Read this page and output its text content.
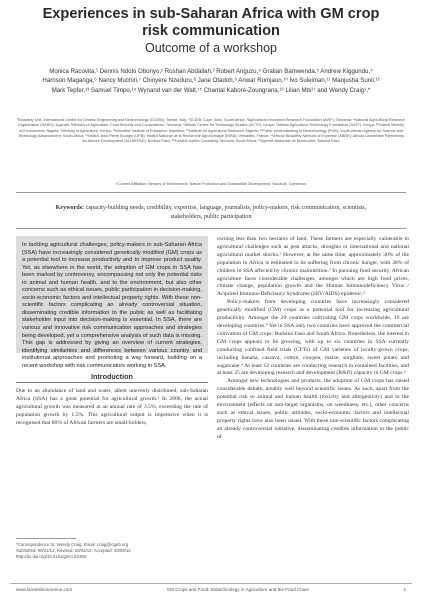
Experiences in sub-Saharan Africa with GM crop
risk communication
Outcome of a workshop
Monica Racovita,¹ Dennis Ndolo Obonyo,² Roshan Abdallah,³ Robert Anguzu,⁴ Gratian Bamwenda,⁵ Andrew Kiggundu,⁴
Harrison Maganga,⁶ Nancy Muchiri,⁷ Chinyere Nzeduru,⁸ Jane Otadoh,⁹ Anwar Rumjaun,¹⁰ Ivo Suleiman,¹¹ Manjusha Sunil,¹²
Mark Tepfer,¹³ Samuel Timpo,¹⁴ Wynand van der Walt,¹⁵ Chantal Kaboré-Zoungrana,¹⁶ Lilian Mbi¹⁷ and Wendy Craig¹,*
¹Biosafety Unit; International Centre for Genetic Engineering and Biotechnology (ICGEB); Trieste, Italy; ²ICGEB; Cape Town, South Africa; ³Agricultural Innovation Research Foundation (AIRF); Tanzania; ⁴National Agricultural Research Organisation (NARO); Uganda; ⁵Ministry of Agriculture, Food Security and Cooperatives; Tanzania; ⁶African Centre for Technology Studies (ACTS); Kenya; ⁷African Agricultural Technology Foundation (AATF); Kenya; ⁸Federal Ministry of Environment; Nigeria; ⁹Ministry of Agriculture; Kenya; ¹⁰Mauritius Institute of Education; Mauritius; ¹¹Institute for Agricultural Research; Nigeria; ¹²Public Understanding of Biotechnology (PUB); South African Agency for Science and Technology Advancement; South Africa; ¹³Institut Jean-Pierre Bourgin (IJPB); Institut National de la Recherche Agronomique (INRA); Versailles, France; ¹⁴African Biosafety Network of Expertise (ABNE); African Union/New Partnership for Africa's Development (AU-NEPAD); Burkina Faso; ¹⁵FoodNCropBio Consulting Services; South Africa; ¹⁶Agence Nationale de Biosecurité; Burkina Faso
†Current Affiliation: Ministry of Environment, Nature Protection and Sustainable Development; Yaoundé, Cameroon
Keywords: capacity-building needs, credibility, expertise, language, journalists, policy-makers, risk communication, scientists, stakeholders, public participation
In tackling agricultural challenges, policy-makers in sub-Saharan Africa (SSA) have increasingly considered genetically modified (GM) crops as a potential tool to increase productivity and to improve product quality. Yet, as elsewhere in the world, the adoption of GM crops in SSA has been marked by controversy, encompassing not only the potential risks to animal and human health, and to the environment, but also other concerns such as ethical issues, public participation in decision-making, socio-economic factors and intellectual property rights. With these non-scientific factors complicating an already controversial situation, disseminating credible information to the public as well as facilitating stakeholder input into decision-making is essential. In SSA, there are various and innovative risk communication approaches and strategies being developed, yet a comprehensive analysis of such data is missing. This gap is addressed by giving an overview of current strategies, identifying similarities and differences between various country and institutional approaches and promoting a way forward, building on a recent workshop with risk communicators working in SSA.
Introduction
Due to an abundance of land and water, albeit unevenly distributed, sub-Saharan Africa (SSA) has a great potential for agricultural growth.¹ In 2008, the actual agricultural growth was measured at an annual rate of 3.5%, exceeding the rate of population growth by 1.5%. This agricultural output is impressive when it is recognised that 80% of African farmers are small-holders,
*Correspondence to: Wendy Craig; Email: craig@icgeb.org
Submitted: 08/21/12; Revised: 10/04/12; Accepted: 10/09/12
http://dx.doi.org/10.4161/gmcr.22488

owning less than two hectares of land. These farmers are especially vulnerable to agricultural challenges such as pest attacks, droughts or international and national agricultural market shocks.² However, at the same time, approximately 30% of the population in Africa is estimated to be suffering from chronic hunger, with 38% of children in SSA affected by chronic malnutrition.³ In pursuing food security, African agriculture faces considerable challenges, amongst which are high food prices, climate change, population growth and the Human Immunodeficiency Virus / Acquired Immuno-Deficiency Syndrome (HIV/AIDS) epidemic.²

Policy-makers from developing countries have increasingly considered genetically modified (GM) crops as a potential tool for increasing agricultural productivity. Amongst the 29 countries cultivating GM crops worldwide, 19 are developing countries.⁴ Yet in SSA only two countries have approved the commercial cultivation of GM crops: Burkina Faso and South Africa. Nonetheless, the interest in GM crops appears to be growing, with up to six countries in SSA currently conducting confined field trials (CFTs) of GM varieties of locally-grown crops, including banana, cassava, cotton, cowpea, maize, sorghum, sweet potato and sugarcane.⁴ At least 12 countries are conducting research in contained facilities, and at least 25 are developing research and development (R&D) capacity in GM crops.⁵

Amongst new technologies and products, the adoption of GM crops has raised considerable debate, notably well beyond scientific issues. As such, apart from the potential risk to animal and human health (toxicity and allergenicity) and to the environment (effects on non-target organisms, on weediness, etc.), other concerns such as ethical issues, public attitudes, socio-economic factors and intellectual property rights have also been raised. With these non-scientific factors complicating an already controversial initiative, disseminating credible information to the public of

www.landesbioscience.com	GM Crops and Food: Biotechnology in Agriculture and the Food Chain	1
